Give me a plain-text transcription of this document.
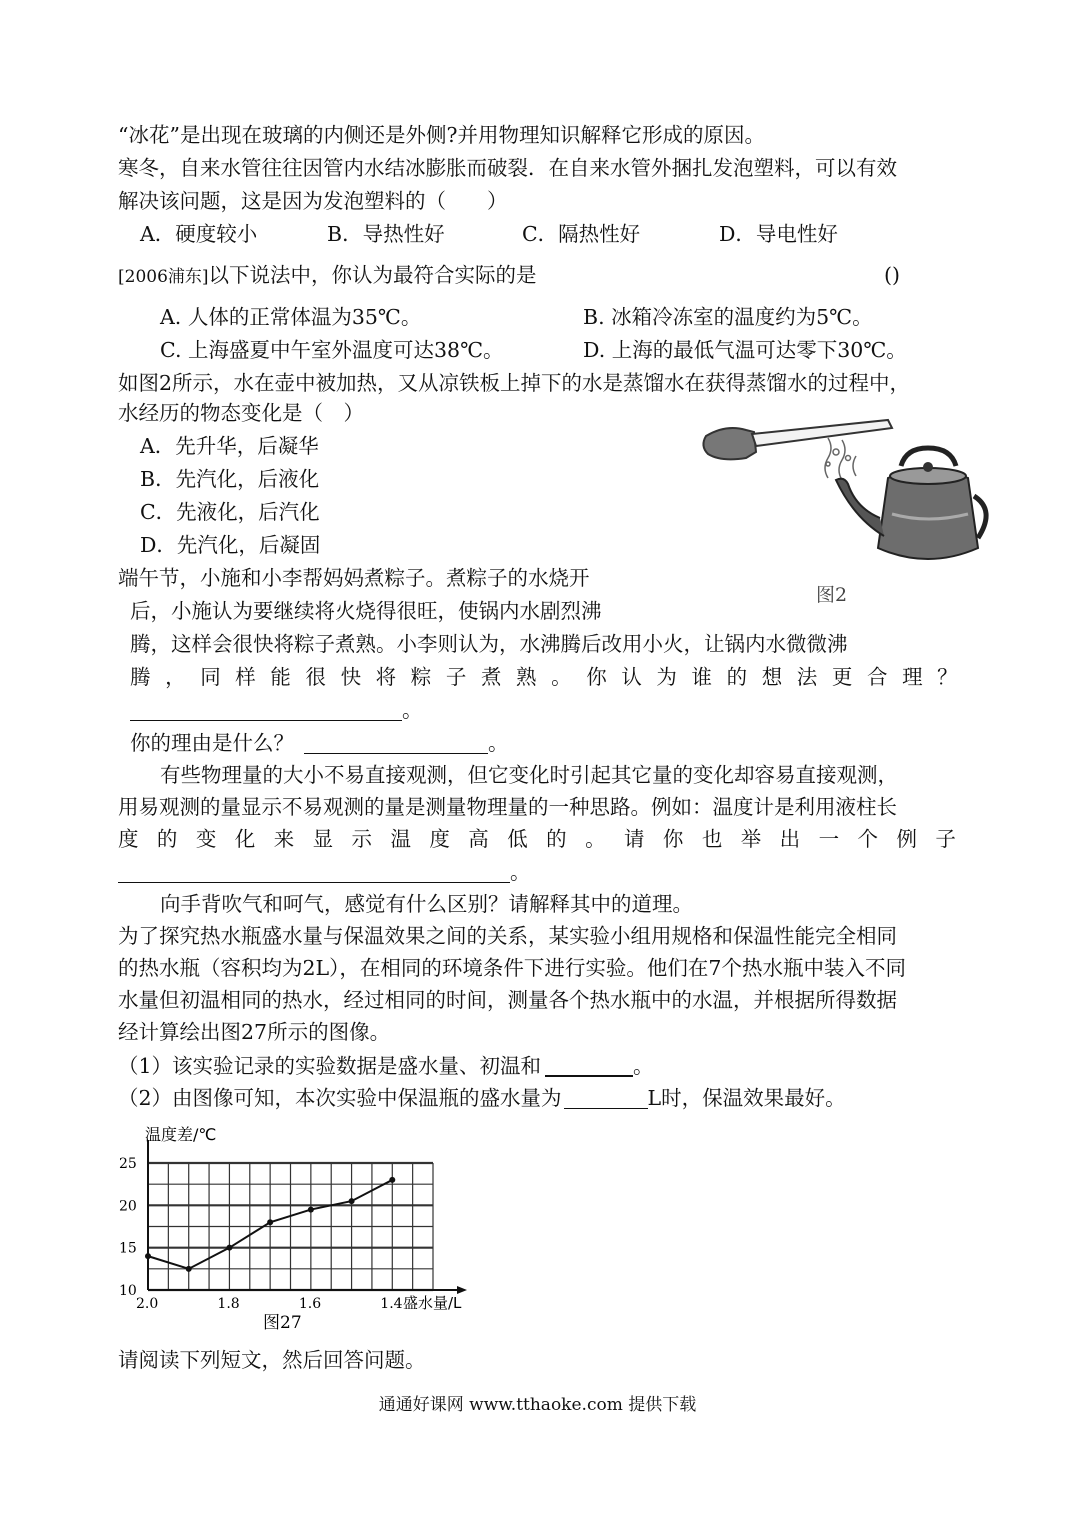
“冰花”是出现在玻璃的内侧还是外侧?并用物理知识解释它形成的原因。
寒冬，自来水管往往因管内水结冰膨胀而破裂．在自来水管外捆扎发泡塑料，可以有效
解决该问题，这是因为发泡塑料的（　　）
A．硬度较小	B．导热性好	C．隔热性好	D．导电性好
[2006浦东]以下说法中，你认为最符合实际的是	()
A. 人体的正常体温为35℃。	B. 冰箱冷冻室的温度约为5℃。
C. 上海盛夏中午室外温度可达38℃。	D. 上海的最低气温可达零下30℃。
如图2所示，水在壶中被加热，又从凉铁板上掉下的水是蒸馏水在获得蒸馏水的过程中，
水经历的物态变化是（　）
A．先升华，后凝华
B．先汽化，后液化
C．先液化，后汽化
D．先汽化，后凝固
图2
端午节，小施和小李帮妈妈煮粽子。煮粽子的水烧开
后，小施认为要继续将火烧得很旺，使锅内水剧烈沸
腾，这样会很快将粽子煮熟。小李则认为，水沸腾后改用小火，让锅内水微微沸
腾 ， 同 样 能 很 快 将 粽 子 煮 熟 。 你 认 为 谁 的 想 法 更 合 理 ？
。
你的理由是什么？	。
有些物理量的大小不易直接观测，但它变化时引起其它量的变化却容易直接观测，
用易观测的量显示不易观测的量是测量物理量的一种思路。例如：温度计是利用液柱长
度 的 变 化 来 显 示 温 度 高 低 的 。 请 你 也 举 出 一 个 例 子
。
向手背吹气和呵气，感觉有什么区别？请解释其中的道理。
为了探究热水瓶盛水量与保温效果之间的关系，某实验小组用规格和保温性能完全相同
的热水瓶（容积均为2L），在相同的环境条件下进行实验。他们在7个热水瓶中装入不同
水量但初温相同的热水，经过相同的时间，测量各个热水瓶中的水温，并根据所得数据
经计算绘出图27所示的图像。
（1）该实验记录的实验数据是盛水量、初温和	。
（2）由图像可知，本次实验中保温瓶的盛水量为	L时，保温效果最好。
温度差/℃
盛水量/L
10
15
20
25
2.0	1.8	1.6	1.4
图27
请阅读下列短文，然后回答问题。
通通好课网 www.tthaoke.com 提供下载
